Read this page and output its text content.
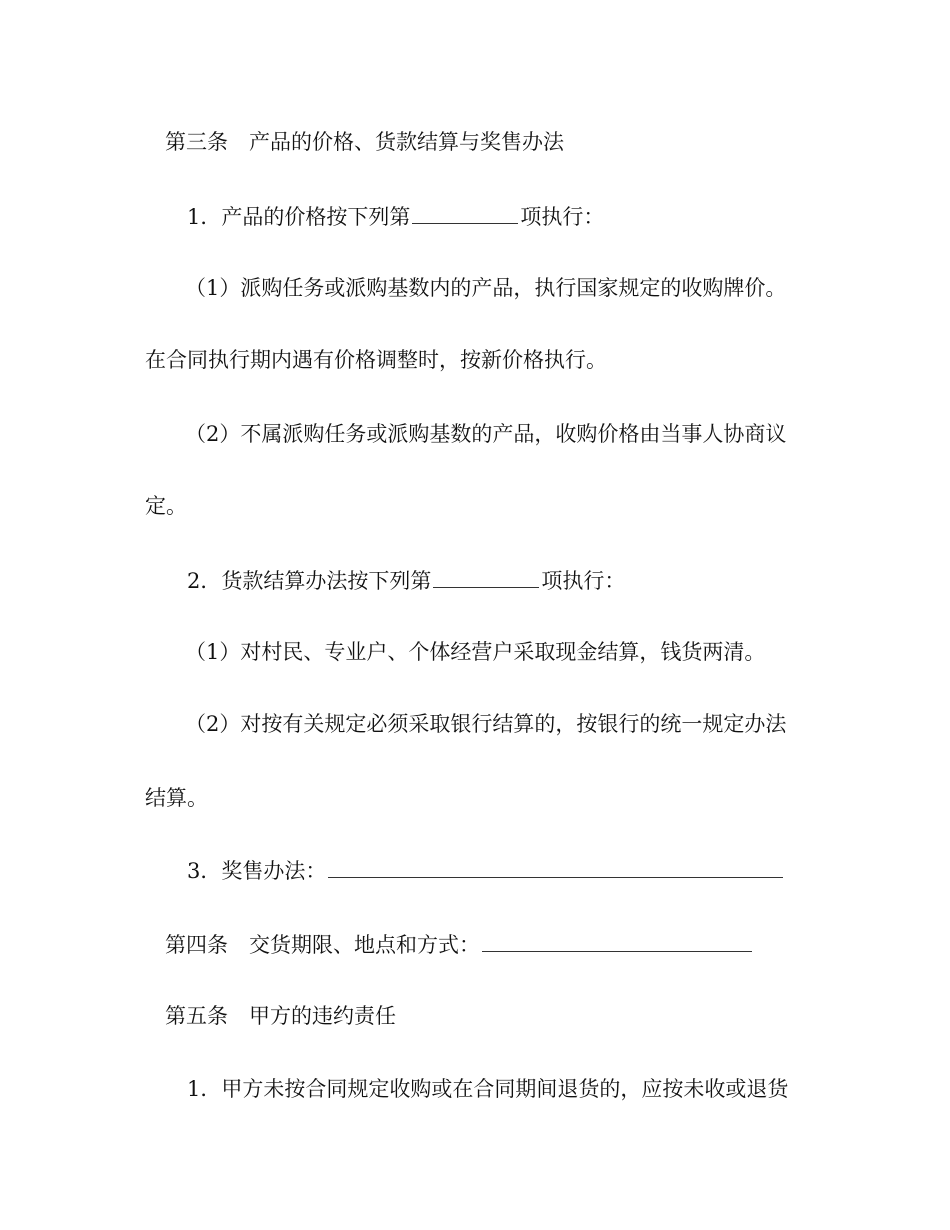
第三条　产品的价格、货款结算与奖售办法
1．产品的价格按下列第	项执行：
（1）派购任务或派购基数内的产品，执行国家规定的收购牌价。
在合同执行期内遇有价格调整时，按新价格执行。
（2）不属派购任务或派购基数的产品，收购价格由当事人协商议
定。
2．货款结算办法按下列第	项执行：
（1）对村民、专业户、个体经营户采取现金结算，钱货两清。
（2）对按有关规定必须采取银行结算的，按银行的统一规定办法
结算。
3．奖售办法：
第四条　交货期限、地点和方式：
第五条　甲方的违约责任
1．甲方未按合同规定收购或在合同期间退货的，应按未收或退货
